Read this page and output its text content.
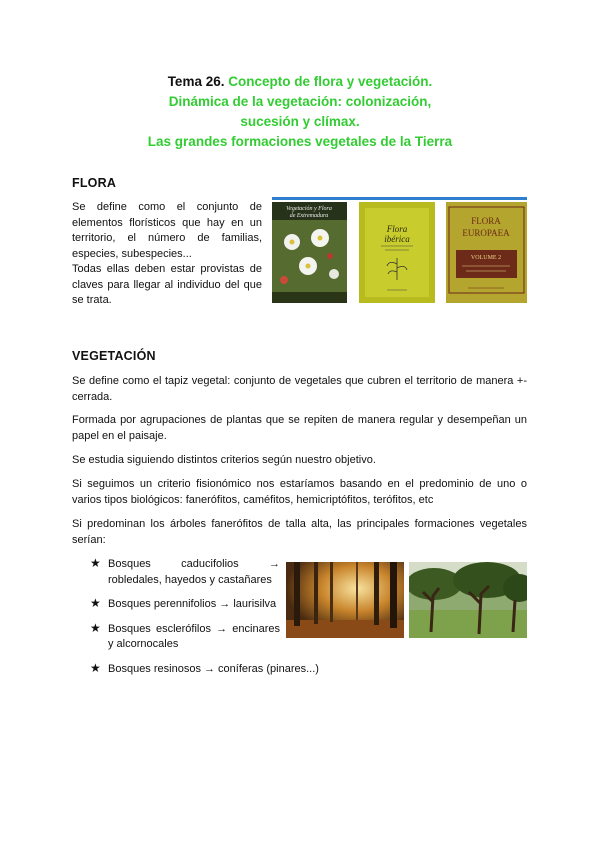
Tema 26. Concepto de flora y vegetación.
Dinámica de la vegetación: colonización,
sucesión y clímax.
Las grandes formaciones vegetales de la Tierra
FLORA

Se define como el conjunto de elementos florísticos que hay en un territorio, el número de familias, especies, subespecies...

Todas ellas deben estar provistas de claves para llegar al individuo del que se trata.

Vegetación y Flora
de Extremadura
Flora
ibérica
FLORA
EUROPAEA
VOLUME 2
VEGETACIÓN

Se define como el tapiz vegetal: conjunto de vegetales que cubren el territorio de manera +- cerrada.

Formada por agrupaciones de plantas que se repiten de manera regular y desempeñan un papel en el paisaje.

Se estudia siguiendo distintos criterios según nuestro objetivo.

Si seguimos un criterio fisionómico nos estaríamos basando en el predominio de uno o varios tipos biológicos: fanerófitos, caméfitos, hemicriptófitos, terófitos, etc

Si predominan los árboles fanerófitos de talla alta, las principales formaciones vegetales serían:

★ Bosques caducifolios → robledales, hayedos y castañares
★ Bosques perennifolios → laurisilva
★ Bosques esclerófilos → encinares y alcornocales
★ Bosques resinosos → coníferas (pinares...)
